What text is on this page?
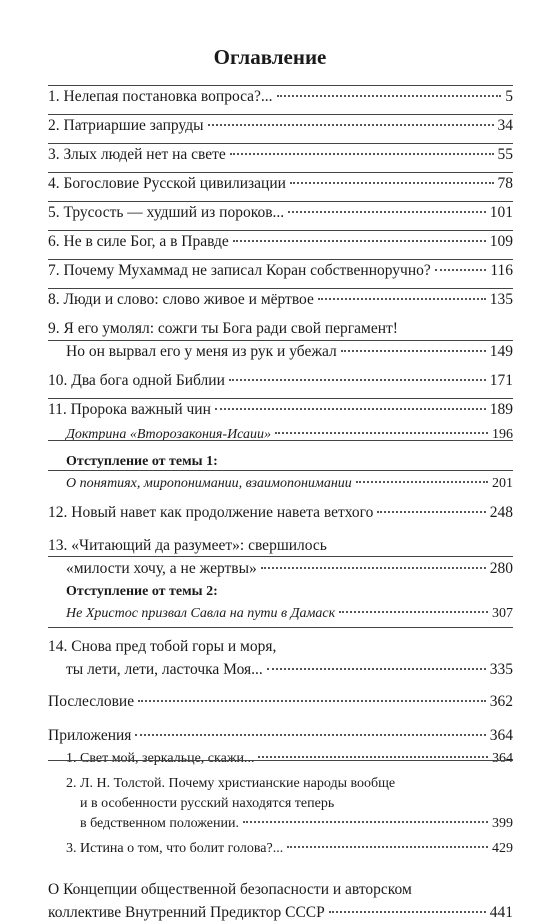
Оглавление
1. Нелепая постановка вопроса?...	5
2. Патриаршие запруды	34
3. Злых людей нет на свете	55
4. Богословие Русской цивилизации	78
5. Трусость — худший из пороков...	101
6. Не в силе Бог, а в Правде	109
7. Почему Мухаммад не записал Коран собственноручно?	116
8. Люди и слово: слово живое и мёртвое	135
9. Я его умолял: сожги ты Бога ради свой пергамент!
Но он вырвал его у меня из рук и убежал	149
10. Два бога одной Библии	171
11. Пророка важный чин	189
Доктрина «Второзакония-Исаии»	196
Отступление от темы 1:
О понятиях, миропонимании, взаимопонимании	201
12. Новый навет как продолжение навета ветхого	248
13. «Читающий да разумеет»: свершилось
«милости хочу, а не жертвы»	280
Отступление от темы 2:
Не Христос призвал Савла на пути в Дамаск	307
14. Снова пред тобой горы и моря,
ты лети, лети, ласточка Моя...	335
Послесловие	362
Приложения	364
1. Свет мой, зеркальце, скажи...	364
2. Л. Н. Толстой. Почему христианские народы вообще
и в особенности русский находятся теперь
в бедственном положении.	399
3. Истина о том, что болит голова?...	429
О Концепции общественной безопасности и авторском
коллективе Внутренний Предиктор СССР	441
